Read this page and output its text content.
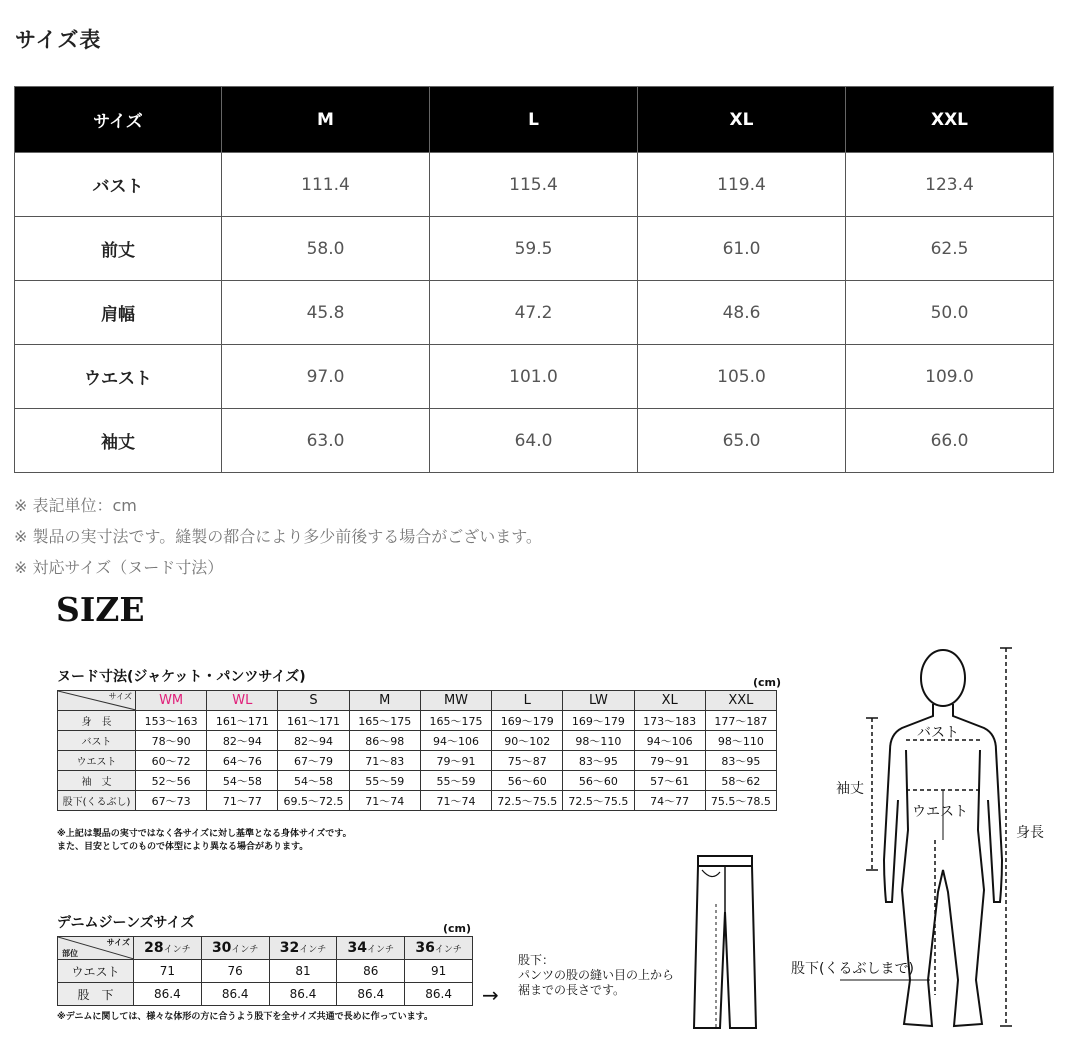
サイズ表
サイズ	M	L	XL	XXL
バスト	111.4	115.4	119.4	123.4
前丈	58.0	59.5	61.0	62.5
肩幅	45.8	47.2	48.6	50.0
ウエスト	97.0	101.0	105.0	109.0
袖丈	63.0	64.0	65.0	66.0
※ 表記単位：cm
※ 製品の実寸法です。縫製の都合により多少前後する場合がございます。
※ 対応サイズ（ヌード寸法）
SIZE
ヌード寸法(ジャケット・パンツサイズ)	(cm)
サイズ	WM	WL	S	M	MW	L	LW	XL	XXL
身　長	153〜163	161〜171	161〜171	165〜175	165〜175	169〜179	169〜179	173〜183	177〜187
バスト	78〜90	82〜94	82〜94	86〜98	94〜106	90〜102	98〜110	94〜106	98〜110
ウエスト	60〜72	64〜76	67〜79	71〜83	79〜91	75〜87	83〜95	79〜91	83〜95
袖　丈	52〜56	54〜58	54〜58	55〜59	55〜59	56〜60	56〜60	57〜61	58〜62
股下(くるぶし)	67〜73	71〜77	69.5〜72.5	71〜74	71〜74	72.5〜75.5	72.5〜75.5	74〜77	75.5〜78.5
※上記は製品の実寸ではなく各サイズに対し基準となる身体サイズです。
また、目安としてのもので体型により異なる場合があります。
デニムジーンズサイズ	(cm)
サイズ
部位	28インチ	30インチ	32インチ	34インチ	36インチ
ウエスト	71	76	81	86	91
股　下	86.4	86.4	86.4	86.4	86.4
※デニムに関しては、様々な体形の方に合うよう股下を全サイズ共通で長めに作っています。
股下：
パンツの股の縫い目の上から
裾までの長さです。
→
バスト
袖丈
ウエスト
身長
股下(くるぶしまで)
